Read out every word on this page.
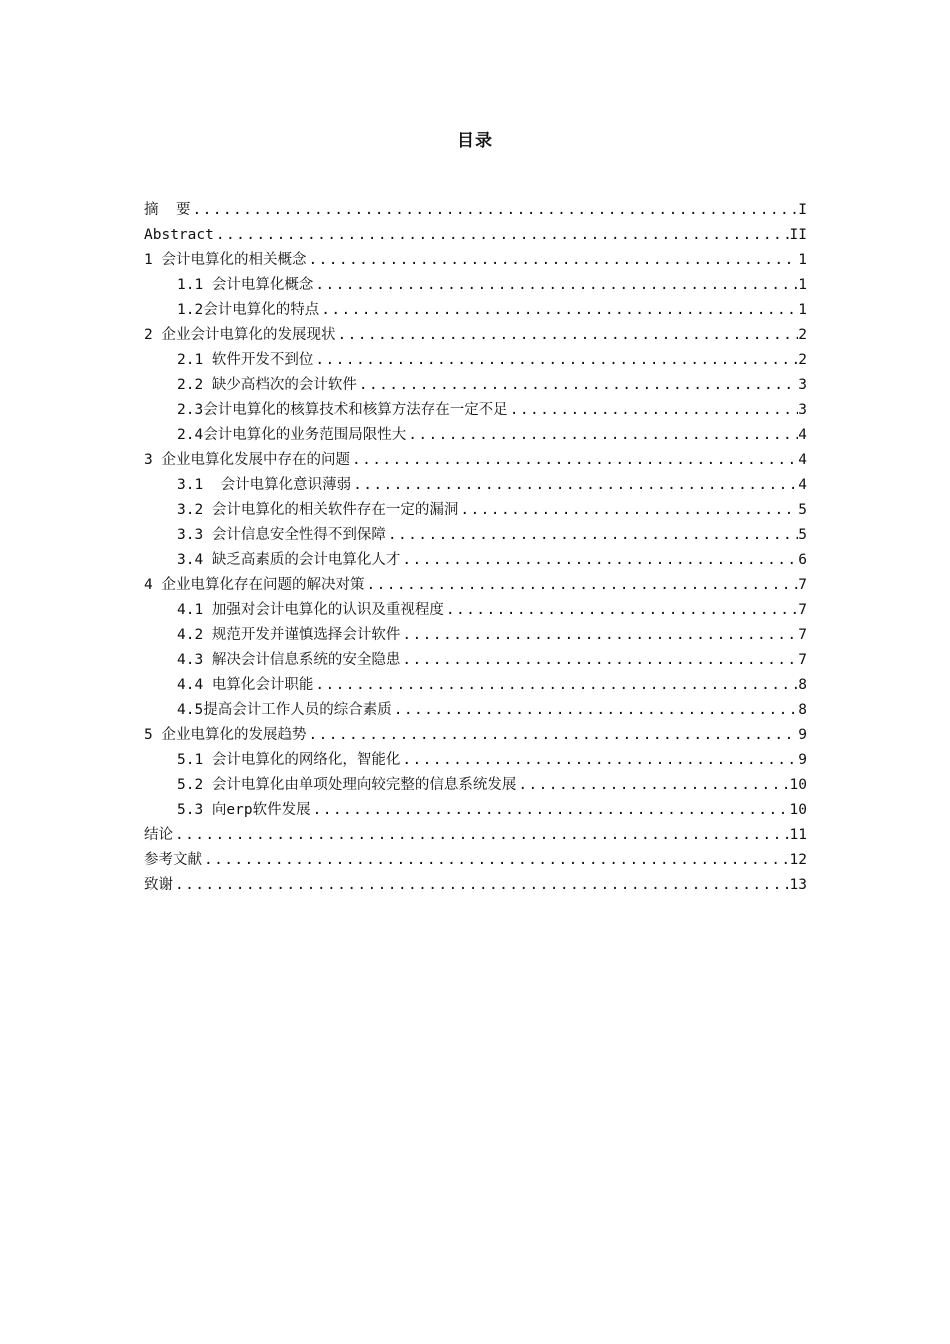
目录
摘  要 .....	I
Abstract .....	II
1 会计电算化的相关概念 .....	1
1.1 会计电算化概念 .....	1
1.2会计电算化的特点 .....	1
2 企业会计电算化的发展现状 .....	2
2.1 软件开发不到位 .....	2
2.2 缺少高档次的会计软件 .....	3
2.3会计电算化的核算技术和核算方法存在一定不足 .....	3
2.4会计电算化的业务范围局限性大 .....	4
3 企业电算化发展中存在的问题 .....	4
3.1  会计电算化意识薄弱 .....	4
3.2 会计电算化的相关软件存在一定的漏洞 .....	5
3.3 会计信息安全性得不到保障 .....	5
3.4 缺乏高素质的会计电算化人才 .....	6
4 企业电算化存在问题的解决对策 .....	7
4.1 加强对会计电算化的认识及重视程度 .....	7
4.2 规范开发并谨慎选择会计软件 .....	7
4.3 解决会计信息系统的安全隐患 .....	7
4.4 电算化会计职能 .....	8
4.5提高会计工作人员的综合素质 .....	8
5 企业电算化的发展趋势 .....	9
5.1 会计电算化的网络化，智能化 .....	9
5.2 会计电算化由单项处理向较完整的信息系统发展 .....	10
5.3 向erp软件发展 .....	10
结论 .....	11
参考文献 .....	12
致谢 .....	13
